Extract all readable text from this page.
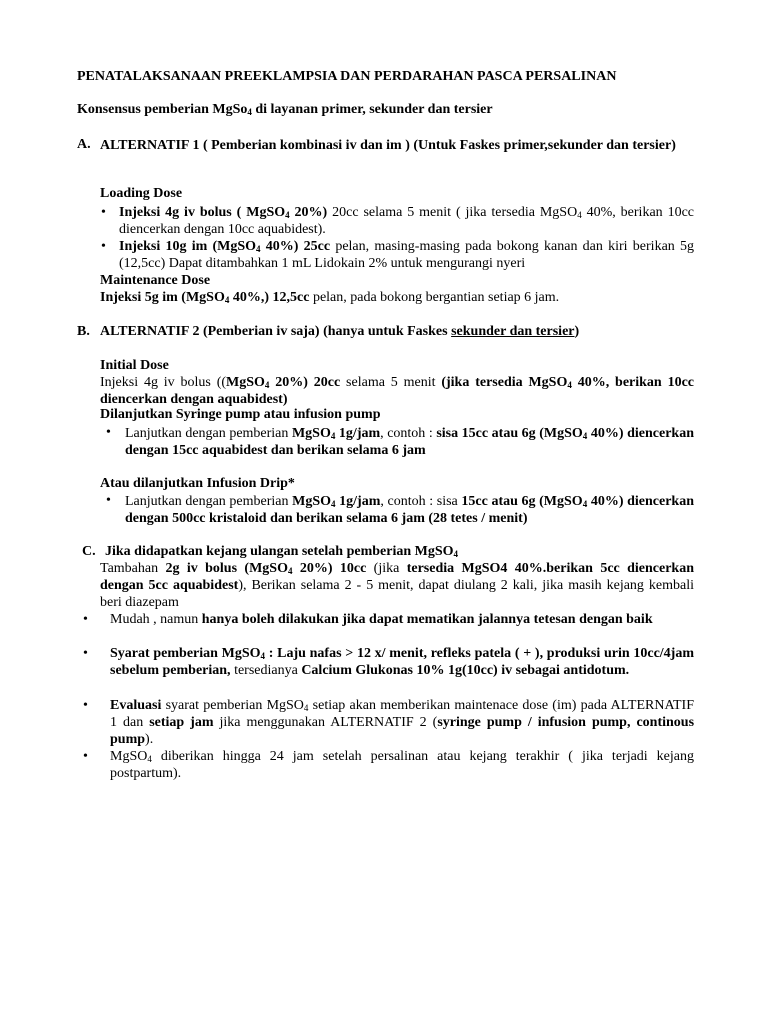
PENATALAKSANAAN PREEKLAMPSIA DAN PERDARAHAN PASCA PERSALINAN
Konsensus pemberian MgSo$_4$ di layanan primer, sekunder dan tersier
A. ALTERNATIF 1 ( Pemberian kombinasi iv dan im ) (Untuk Faskes primer,sekunder dan tersier)
Loading Dose
• Injeksi 4g iv bolus ( MgSO$_4$ 20%) 20cc selama 5 menit ( jika tersedia MgSO$_4$ 40%, berikan 10cc diencerkan dengan 10cc aquabidest).
• Injeksi 10g im (MgSO$_4$ 40%) 25cc pelan, masing-masing pada bokong kanan dan kiri berikan 5g (12,5cc) Dapat ditambahkan 1 mL Lidokain 2% untuk mengurangi nyeri
Maintenance Dose
Injeksi 5g im (MgSO$_4$ 40%,) 12,5cc pelan, pada bokong bergantian setiap 6 jam.
B. ALTERNATIF 2 (Pemberian iv saja) (hanya untuk Faskes sekunder dan tersier)
Initial Dose
Injeksi 4g iv bolus ((MgSO$_4$ 20%) 20cc selama 5 menit (jika tersedia MgSO$_4$ 40%, berikan 10cc diencerkan dengan aquabidest)
Dilanjutkan Syringe pump atau infusion pump
• Lanjutkan dengan pemberian MgSO$_4$ 1g/jam, contoh : sisa 15cc atau 6g (MgSO$_4$ 40%) diencerkan dengan 15cc aquabidest dan berikan selama 6 jam
Atau dilanjutkan Infusion Drip*
• Lanjutkan dengan pemberian MgSO$_4$ 1g/jam, contoh : sisa 15cc atau 6g (MgSO$_4$ 40%) diencerkan dengan 500cc kristaloid dan berikan selama 6 jam (28 tetes / menit)
C. Jika didapatkan kejang ulangan setelah pemberian MgSO$_4$
Tambahan 2g iv bolus (MgSO$_4$ 20%) 10cc (jika tersedia MgSO4 40%.berikan 5cc diencerkan dengan 5cc aquabidest), Berikan selama 2 - 5 menit, dapat diulang 2 kali, jika masih kejang kembali beri diazepam
• Mudah , namun hanya boleh dilakukan jika dapat mematikan jalannya tetesan dengan baik
• Syarat pemberian MgSO$_4$ : Laju nafas > 12 x/ menit, refleks patela ( + ), produksi urin 10cc/4jam sebelum pemberian, tersedianya Calcium Glukonas 10% 1g(10cc) iv sebagai antidotum.
• Evaluasi syarat pemberian MgSO$_4$ setiap akan memberikan maintenace dose (im) pada ALTERNATIF 1 dan setiap jam jika menggunakan ALTERNATIF 2 (syringe pump / infusion pump, continous pump).
• MgSO$_4$ diberikan hingga 24 jam setelah persalinan atau kejang terakhir ( jika terjadi kejang postpartum).
